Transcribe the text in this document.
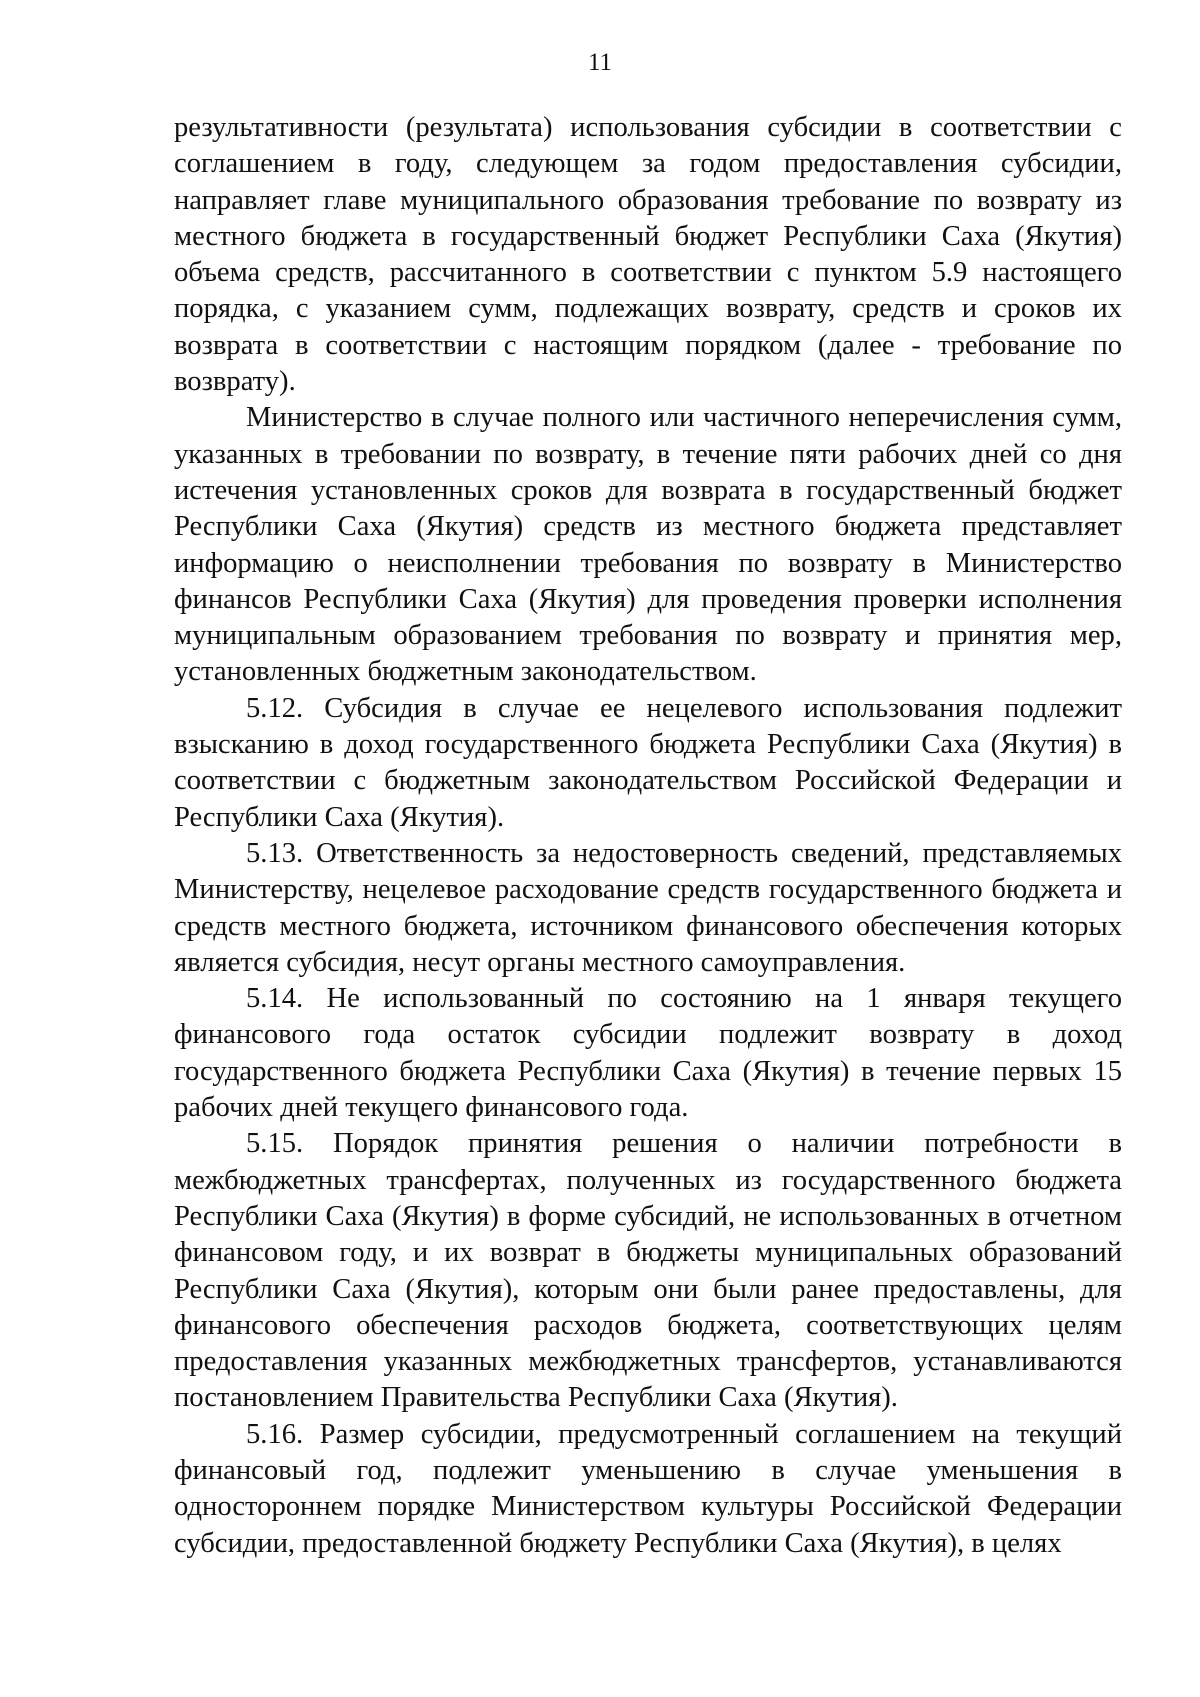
11

результативности (результата) использования субсидии в соответствии с соглашением в году, следующем за годом предоставления субсидии, направляет главе муниципального образования требование по возврату из местного бюджета в государственный бюджет Республики Саха (Якутия) объема средств, рассчитанного в соответствии с пунктом 5.9 настоящего порядка, с указанием сумм, подлежащих возврату, средств и сроков их возврата в соответствии с настоящим порядком (далее - требование по возврату).

Министерство в случае полного или частичного неперечисления сумм, указанных в требовании по возврату, в течение пяти рабочих дней со дня истечения установленных сроков для возврата в государственный бюджет Республики Саха (Якутия) средств из местного бюджета представляет информацию о неисполнении требования по возврату в Министерство финансов Республики Саха (Якутия) для проведения проверки исполнения муниципальным образованием требования по возврату и принятия мер, установленных бюджетным законодательством.

5.12. Субсидия в случае ее нецелевого использования подлежит взысканию в доход государственного бюджета Республики Саха (Якутия) в соответствии с бюджетным законодательством Российской Федерации и Республики Саха (Якутия).

5.13. Ответственность за недостоверность сведений, представляемых Министерству, нецелевое расходование средств государственного бюджета и средств местного бюджета, источником финансового обеспечения которых является субсидия, несут органы местного самоуправления.

5.14. Не использованный по состоянию на 1 января текущего финансового года остаток субсидии подлежит возврату в доход государственного бюджета Республики Саха (Якутия) в течение первых 15 рабочих дней текущего финансового года.

5.15. Порядок принятия решения о наличии потребности в межбюджетных трансфертах, полученных из государственного бюджета Республики Саха (Якутия) в форме субсидий, не использованных в отчетном финансовом году, и их возврат в бюджеты муниципальных образований Республики Саха (Якутия), которым они были ранее предоставлены, для финансового обеспечения расходов бюджета, соответствующих целям предоставления указанных межбюджетных трансфертов, устанавливаются постановлением Правительства Республики Саха (Якутия).

5.16. Размер субсидии, предусмотренный соглашением на текущий финансовый год, подлежит уменьшению в случае уменьшения в одностороннем порядке Министерством культуры Российской Федерации субсидии, предоставленной бюджету Республики Саха (Якутия), в целях
